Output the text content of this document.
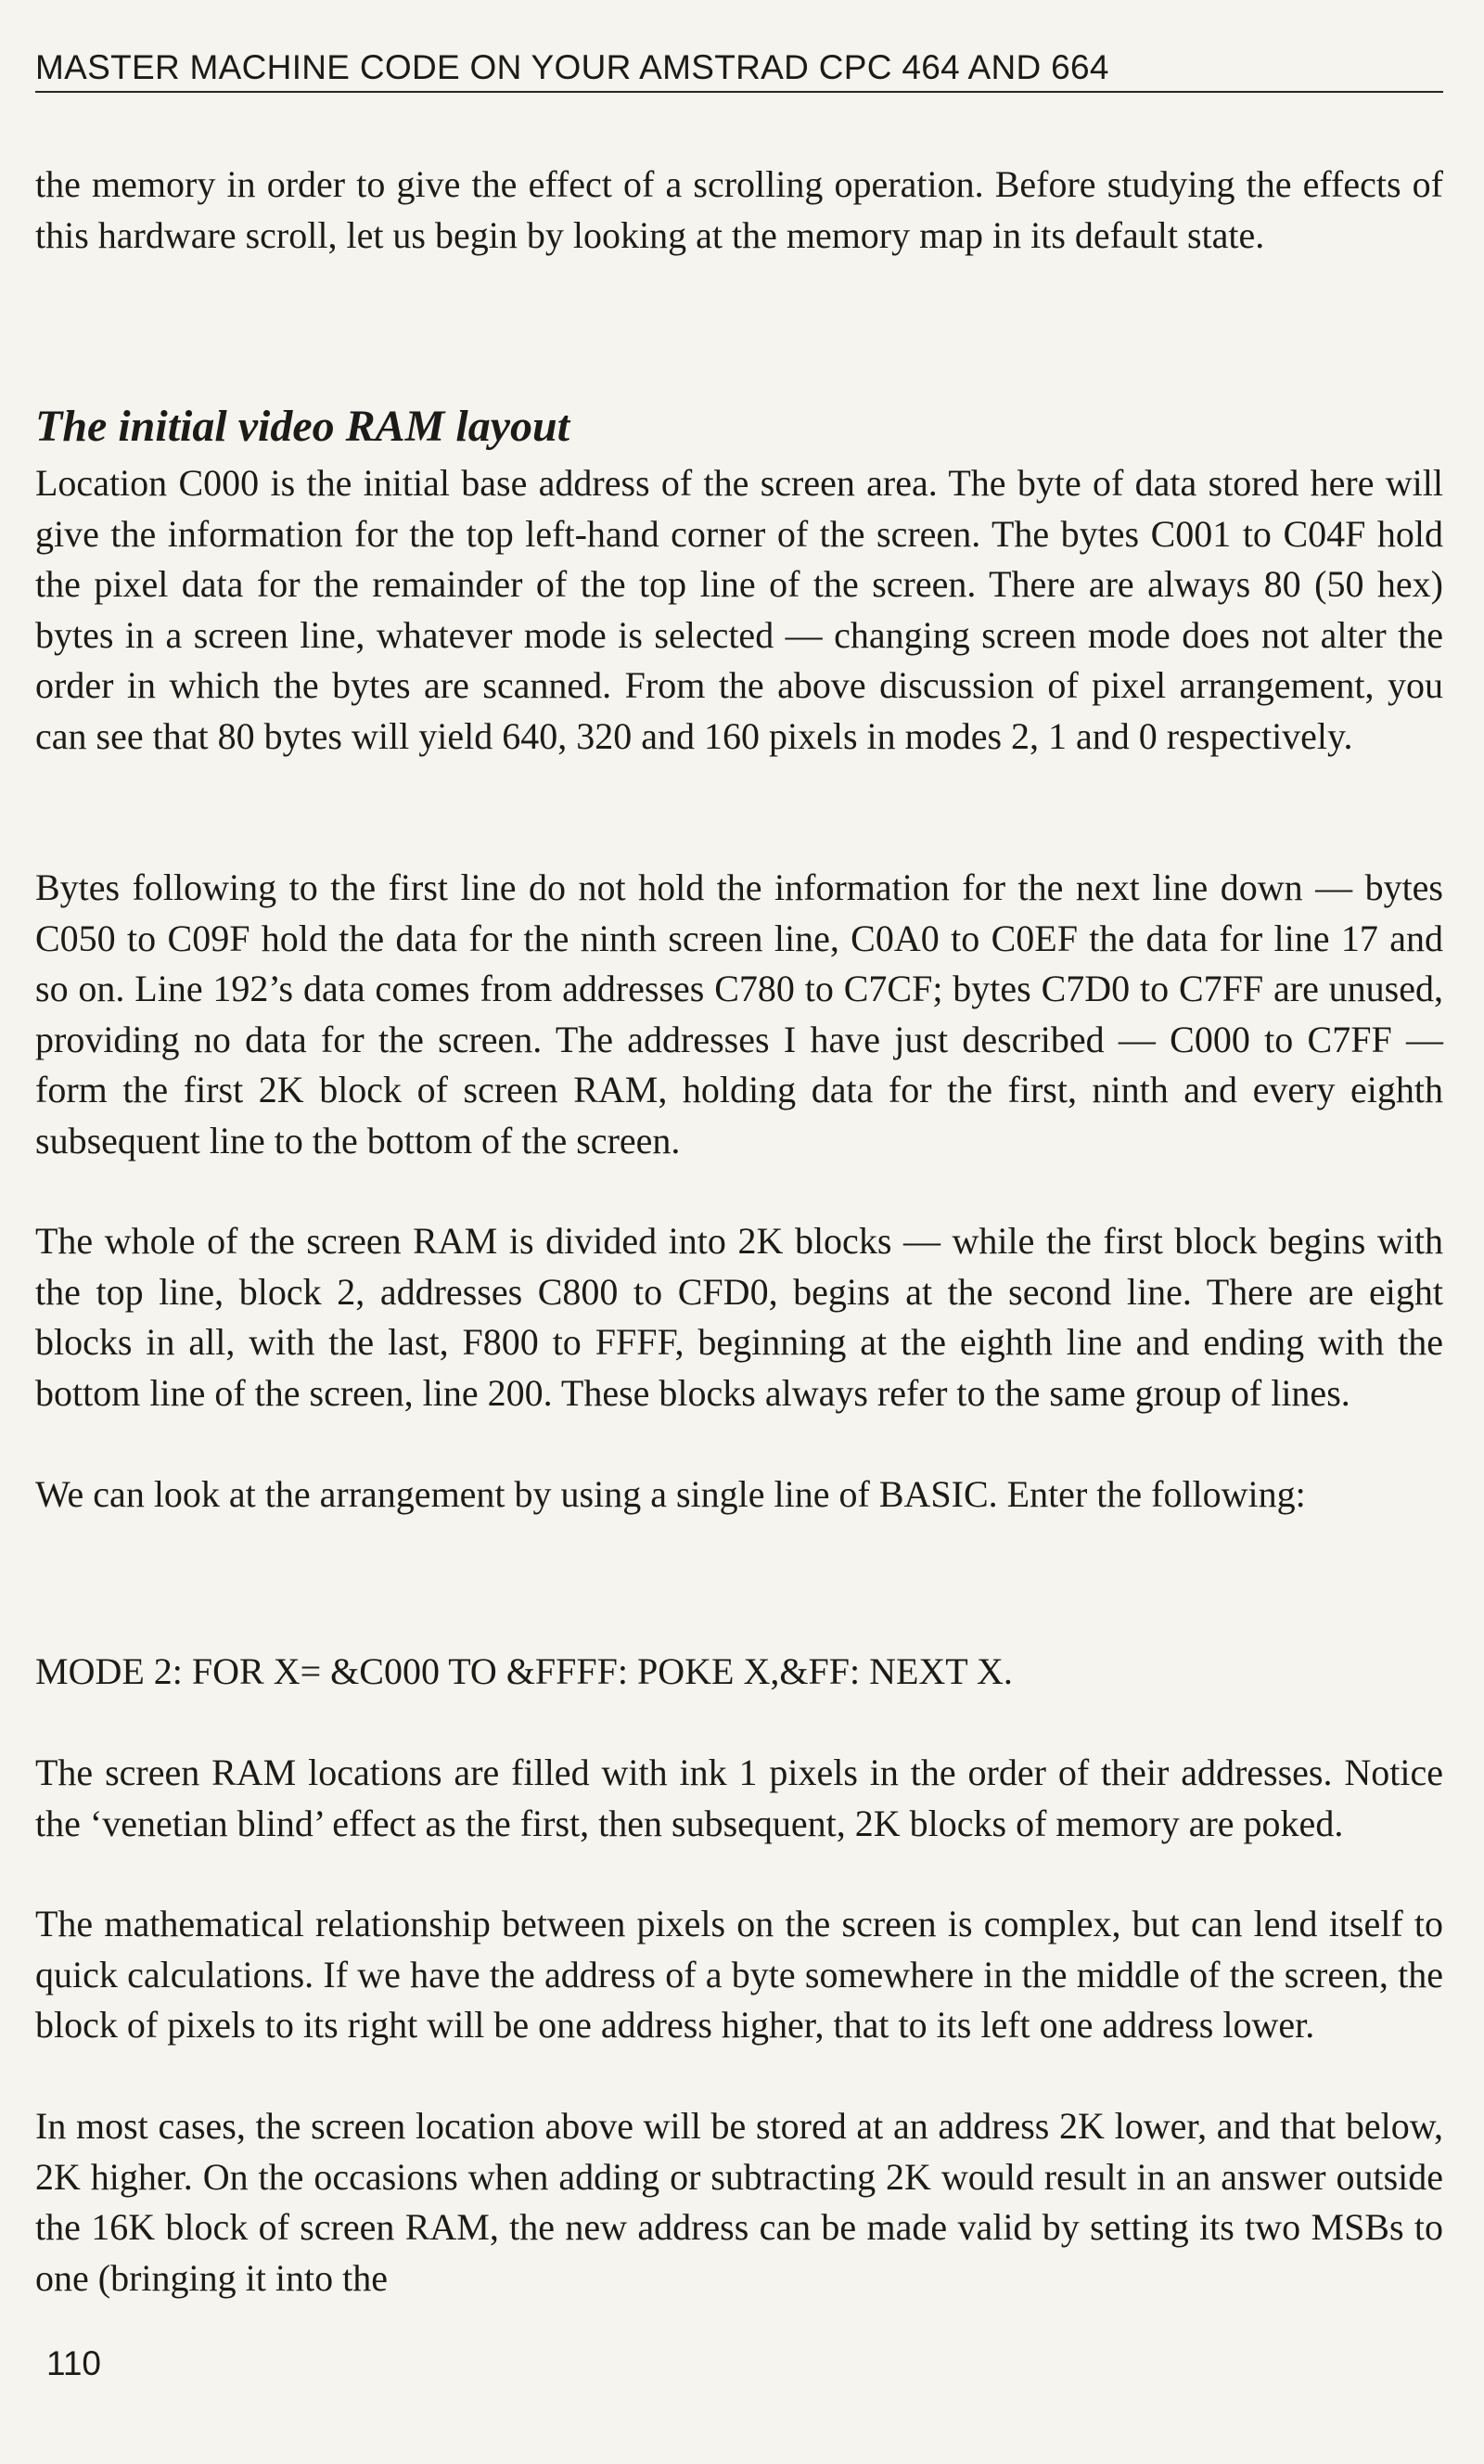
MASTER MACHINE CODE ON YOUR AMSTRAD CPC 464 AND 664

the memory in order to give the effect of a scrolling operation. Before studying the effects of this hardware scroll, let us begin by looking at the memory map in its default state.

The initial video RAM layout

Location C000 is the initial base address of the screen area. The byte of data stored here will give the information for the top left-hand corner of the screen. The bytes C001 to C04F hold the pixel data for the remainder of the top line of the screen. There are always 80 (50 hex) bytes in a screen line, whatever mode is selected — changing screen mode does not alter the order in which the bytes are scanned. From the above discussion of pixel arrangement, you can see that 80 bytes will yield 640, 320 and 160 pixels in modes 2, 1 and 0 respectively.

Bytes following to the first line do not hold the information for the next line down — bytes C050 to C09F hold the data for the ninth screen line, C0A0 to C0EF the data for line 17 and so on. Line 192’s data comes from addresses C780 to C7CF; bytes C7D0 to C7FF are unused, providing no data for the screen. The addresses I have just described — C000 to C7FF — form the first 2K block of screen RAM, holding data for the first, ninth and every eighth subsequent line to the bottom of the screen.

The whole of the screen RAM is divided into 2K blocks — while the first block begins with the top line, block 2, addresses C800 to CFD0, begins at the second line. There are eight blocks in all, with the last, F800 to FFFF, beginning at the eighth line and ending with the bottom line of the screen, line 200. These blocks always refer to the same group of lines.

We can look at the arrangement by using a single line of BASIC. Enter the following:

MODE 2: FOR X= &C000 TO &FFFF: POKE X,&FF: NEXT X.

The screen RAM locations are filled with ink 1 pixels in the order of their addresses. Notice the ‘venetian blind’ effect as the first, then subsequent, 2K blocks of memory are poked.

The mathematical relationship between pixels on the screen is complex, but can lend itself to quick calculations. If we have the address of a byte somewhere in the middle of the screen, the block of pixels to its right will be one address higher, that to its left one address lower.

In most cases, the screen location above will be stored at an address 2K lower, and that below, 2K higher. On the occasions when adding or subtracting 2K would result in an answer outside the 16K block of screen RAM, the new address can be made valid by setting its two MSBs to one (bringing it into the

110
